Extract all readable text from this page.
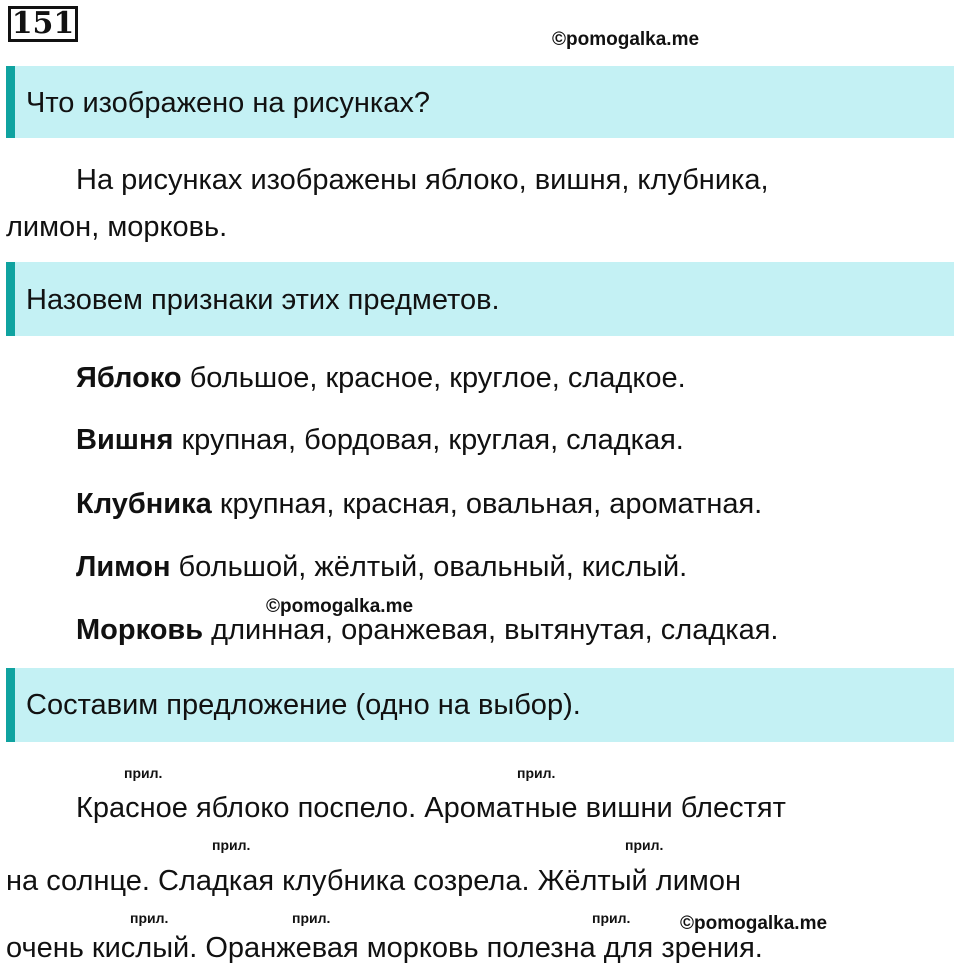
151	©pomogalka.me
Что изображено на рисунках?
На рисунках изображены яблоко, вишня, клубника,
лимон, морковь.
Назовем признаки этих предметов.
Яблоко большое, красное, круглое, сладкое.
Вишня крупная, бордовая, круглая, сладкая.
Клубника крупная, красная, овальная, ароматная.
Лимон большой, жёлтый, овальный, кислый.
©pomogalka.me
Морковь длинная, оранжевая, вытянутая, сладкая.
Составим предложение (одно на выбор).
прил.	прил.
Красное яблоко поспело. Ароматные вишни блестят
прил.	прил.
на солнце. Сладкая клубника созрела. Жёлтый лимон
прил.	прил.	прил.	©pomogalka.me
очень кислый. Оранжевая морковь полезна для зрения.
